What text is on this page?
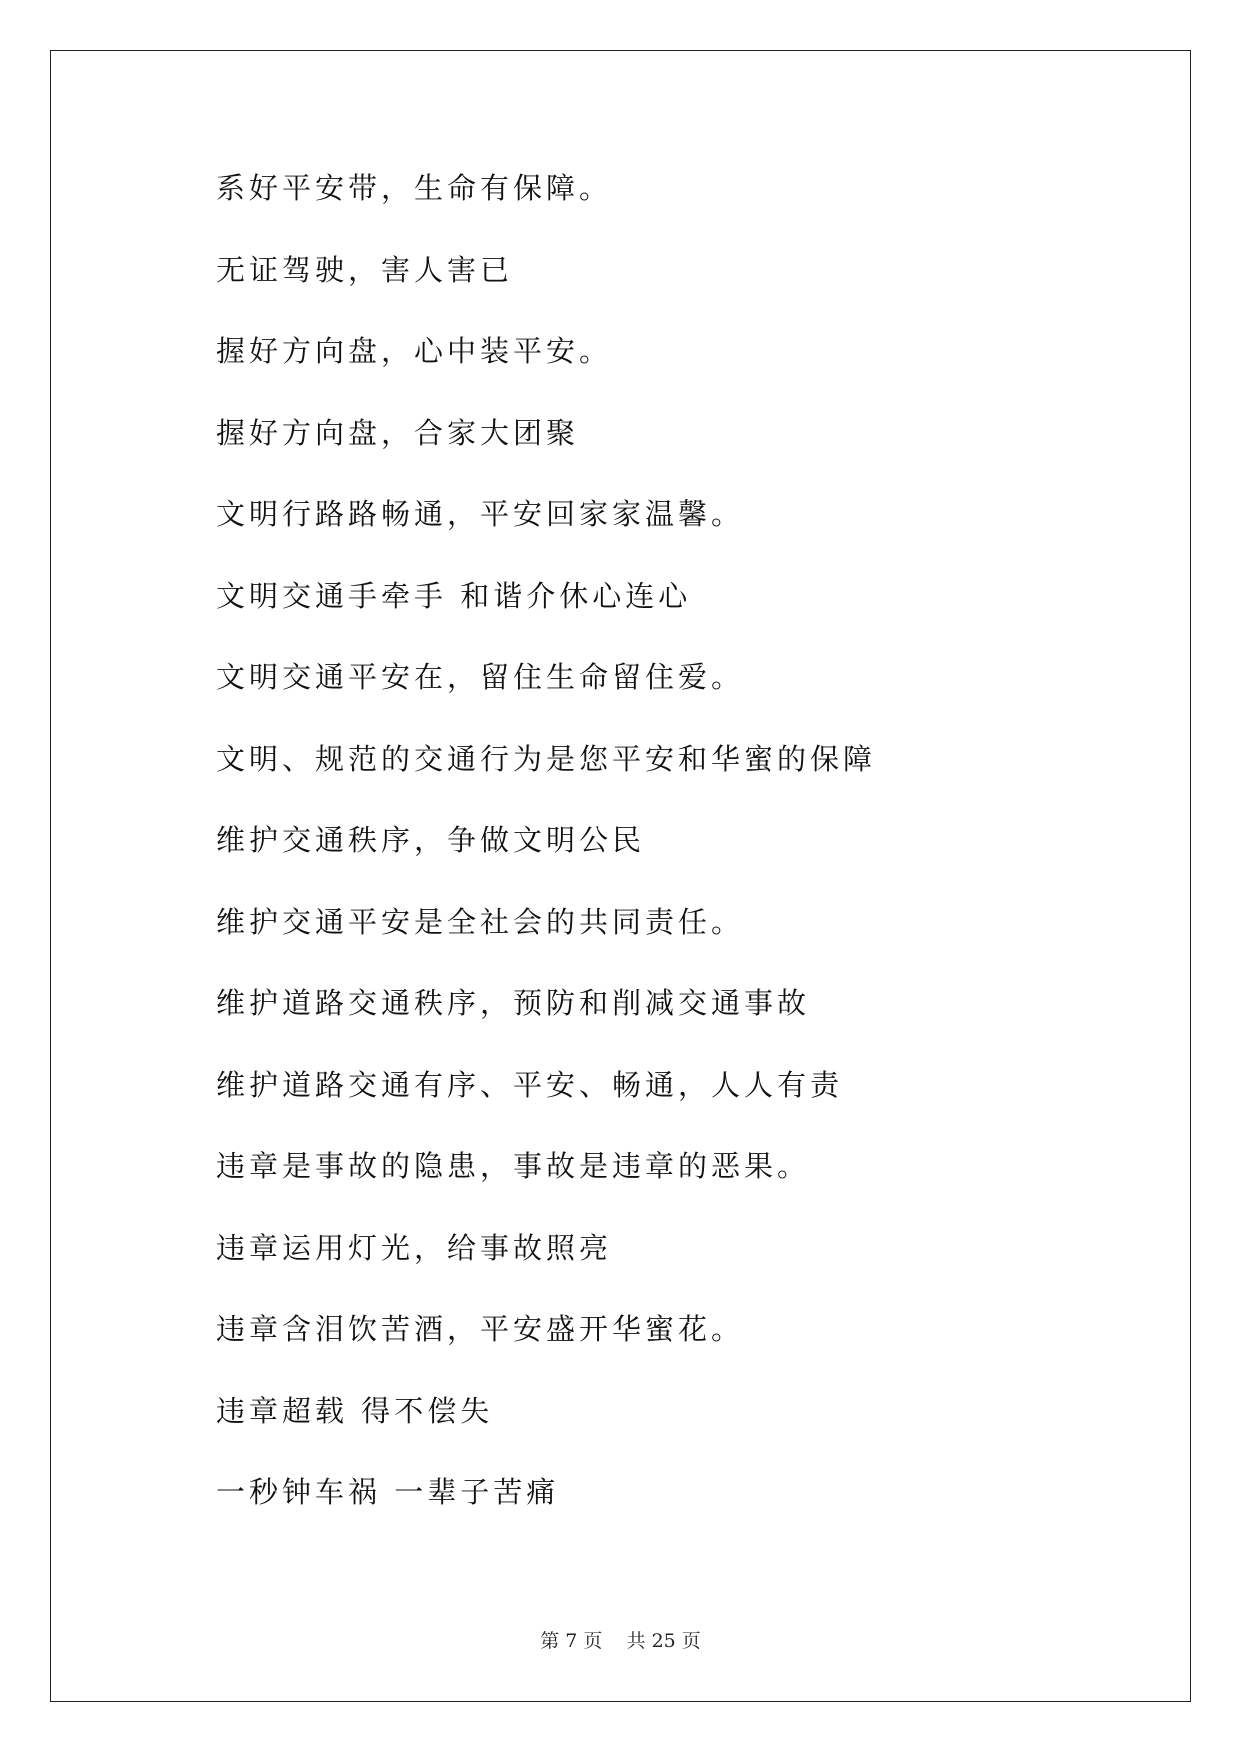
系好平安带，生命有保障。
无证驾驶，害人害已
握好方向盘，心中装平安。
握好方向盘，合家大团聚
文明行路路畅通，平安回家家温馨。
文明交通手牵手 和谐介休心连心
文明交通平安在，留住生命留住爱。
文明、规范的交通行为是您平安和华蜜的保障
维护交通秩序，争做文明公民
维护交通平安是全社会的共同责任。
维护道路交通秩序，预防和削减交通事故
维护道路交通有序、平安、畅通，人人有责
违章是事故的隐患，事故是违章的恶果。
违章运用灯光，给事故照亮
违章含泪饮苦酒，平安盛开华蜜花。
违章超载 得不偿失
一秒钟车祸 一辈子苦痛
第 7 页    共 25 页
